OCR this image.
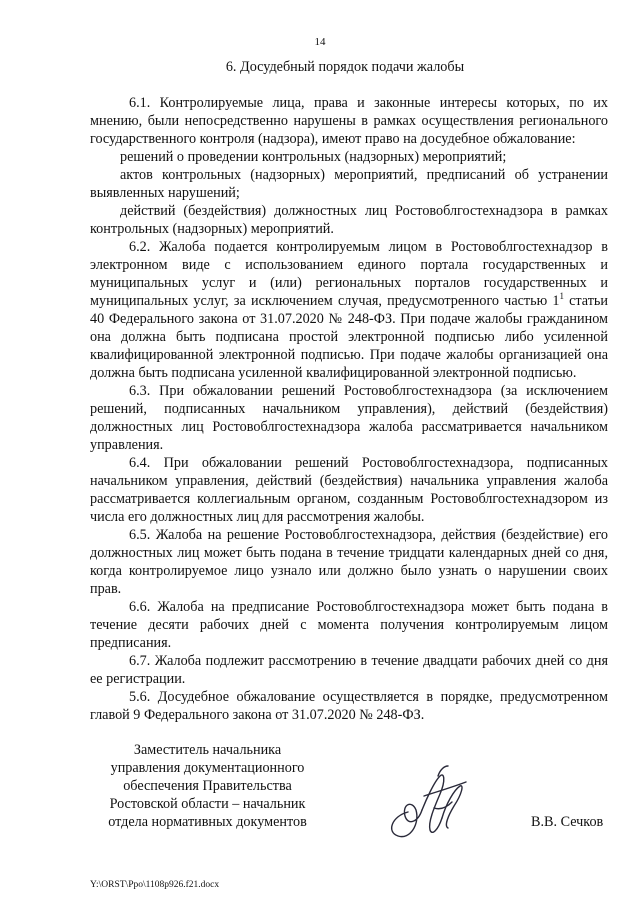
14
6. Досудебный порядок подачи жалобы

6.1. Контролируемые лица, права и законные интересы которых, по их мнению, были непосредственно нарушены в рамках осуществления регионального государственного контроля (надзора), имеют право на досудебное обжалование:

решений о проведении контрольных (надзорных) мероприятий;

актов контрольных (надзорных) мероприятий, предписаний об устранении выявленных нарушений;

действий (бездействия) должностных лиц Ростовоблгостехнадзора в рамках контрольных (надзорных) мероприятий.

6.2. Жалоба подается контролируемым лицом в Ростовоблгостехнадзор в электронном виде с использованием единого портала государственных и муниципальных услуг и (или) региональных порталов государственных и муниципальных услуг, за исключением случая, предусмотренного частью $1^1$ статьи 40 Федерального закона от 31.07.2020 № 248-ФЗ. При подаче жалобы гражданином она должна быть подписана простой электронной подписью либо усиленной квалифицированной электронной подписью. При подаче жалобы организацией она должна быть подписана усиленной квалифицированной электронной подписью.

6.3. При обжаловании решений Ростовоблгостехнадзора (за исключением решений, подписанных начальником управления), действий (бездействия) должностных лиц Ростовоблгостехнадзора жалоба рассматривается начальником управления.

6.4. При обжаловании решений Ростовоблгостехнадзора, подписанных начальником управления, действий (бездействия) начальника управления жалоба рассматривается коллегиальным органом, созданным Ростовоблгостехнадзором из числа его должностных лиц для рассмотрения жалобы.

6.5. Жалоба на решение Ростовоблгостехнадзора, действия (бездействие) его должностных лиц может быть подана в течение тридцати календарных дней со дня, когда контролируемое лицо узнало или должно было узнать о нарушении своих прав.

6.6. Жалоба на предписание Ростовоблгостехнадзора может быть подана в течение десяти рабочих дней с момента получения контролируемым лицом предписания.

6.7. Жалоба подлежит рассмотрению в течение двадцати рабочих дней со дня ее регистрации.

5.6. Досудебное обжалование осуществляется в порядке, предусмотренном главой 9 Федерального закона от 31.07.2020 № 248-ФЗ.

Заместитель начальника
управления документационного
обеспечения Правительства
Ростовской области – начальник
отдела нормативных документов	В.В. Сечков
Y:\ORST\Ppo\1108p926.f21.docx
